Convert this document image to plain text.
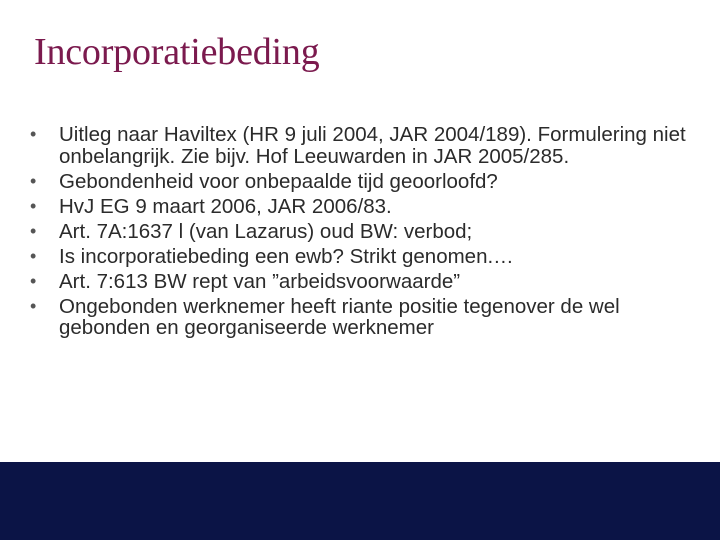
Incorporatiebeding
•	Uitleg naar Haviltex (HR 9 juli 2004, JAR 2004/189). Formulering niet onbelangrijk. Zie bijv. Hof Leeuwarden in JAR 2005/285.
•	Gebondenheid voor onbepaalde tijd geoorloofd?
•	HvJ EG 9 maart 2006, JAR 2006/83.
•	Art. 7A:1637 l (van Lazarus) oud BW: verbod;
•	Is incorporatiebeding een ewb? Strikt genomen.…
•	Art. 7:613 BW rept van ”arbeidsvoorwaarde”
•	Ongebonden werknemer heeft riante positie tegenover de wel gebonden en georganiseerde werknemer
